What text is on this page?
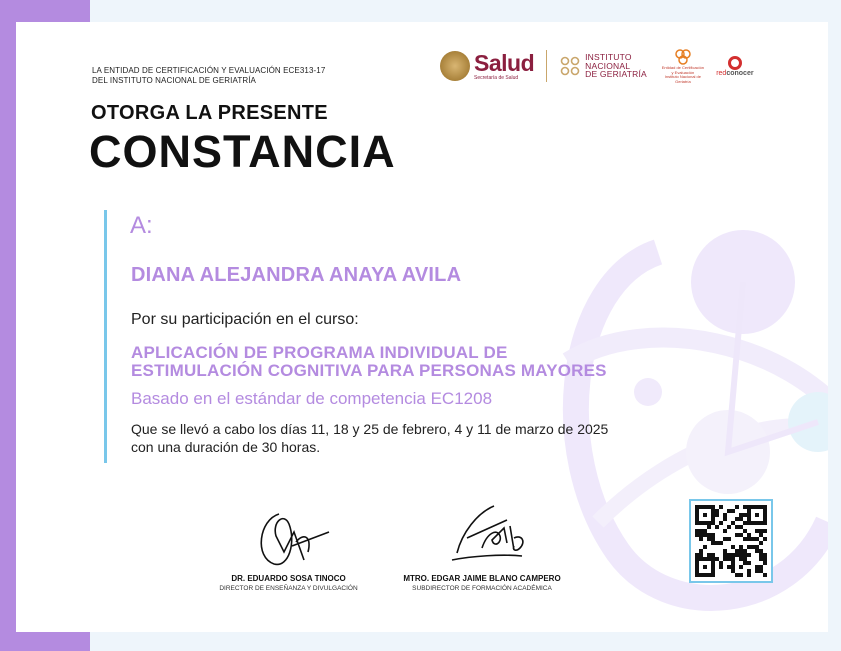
LA ENTIDAD DE CERTIFICACIÓN Y EVALUACIÓN ECE313-17
DEL INSTITUTO NACIONAL DE GERIATRÍA
Salud
Secretaría de Salud
INSTITUTO
NACIONAL
DE GERIATRÍA
Entidad de Certificación
y Evaluación
Instituto Nacional de Geriatría
redconocer
OTORGA LA PRESENTE
CONSTANCIA
A:
DIANA ALEJANDRA ANAYA AVILA
Por su participación en el curso:
APLICACIÓN DE PROGRAMA INDIVIDUAL DE
ESTIMULACIÓN COGNITIVA PARA PERSONAS MAYORES
Basado en el estándar de competencia EC1208
Que se llevó a cabo los días 11, 18 y 25 de febrero, 4 y 11 de marzo de 2025
con una duración de 30 horas.
DR. EDUARDO SOSA TINOCO
DIRECTOR DE ENSEÑANZA Y DIVULGACIÓN
MTRO. EDGAR JAIME BLANO CAMPERO
SUBDIRECTOR DE FORMACIÓN ACADÉMICA
